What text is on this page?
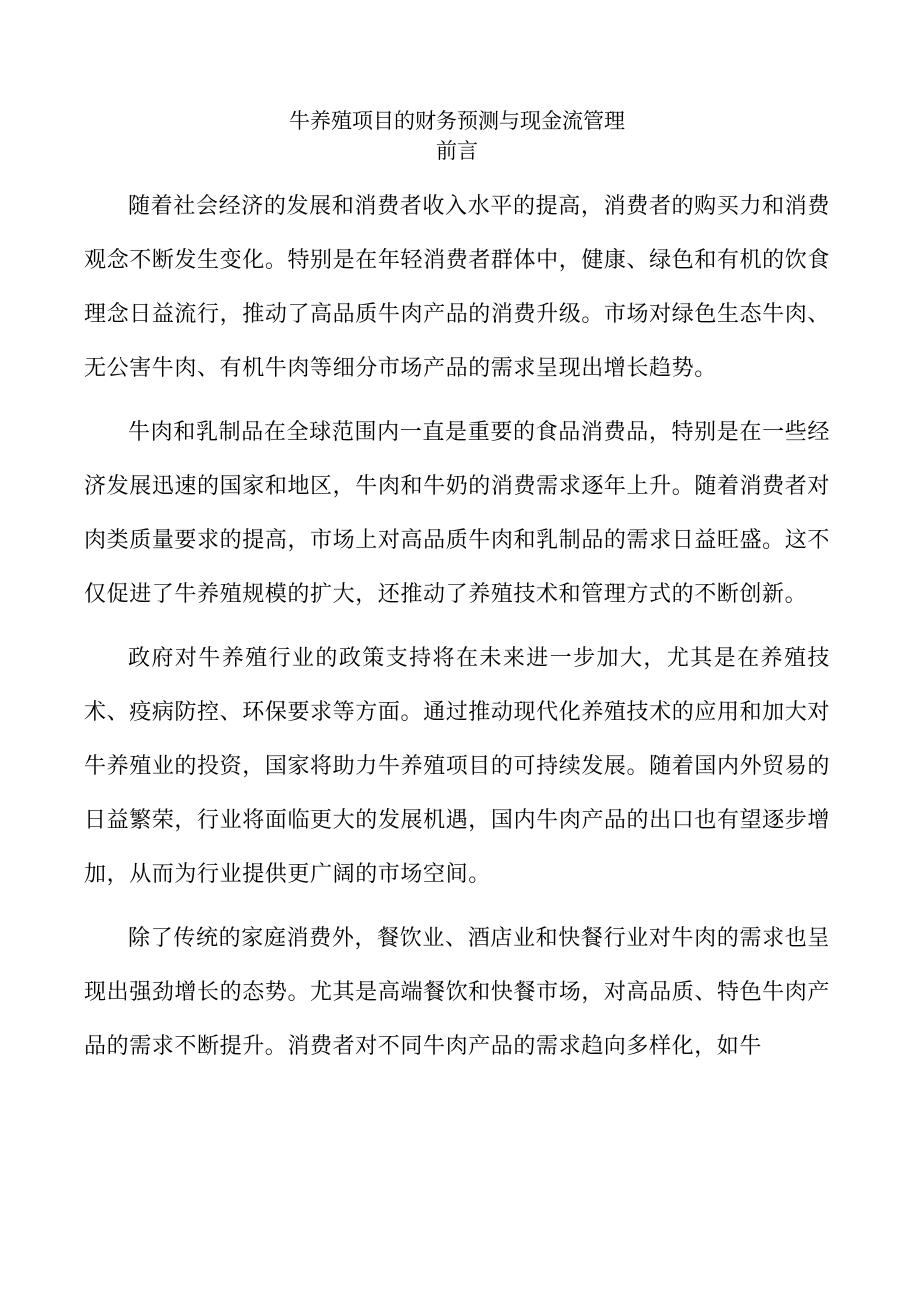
牛养殖项目的财务预测与现金流管理
前言

随着社会经济的发展和消费者收入水平的提高，消费者的购买力和消费观念不断发生变化。特别是在年轻消费者群体中，健康、绿色和有机的饮食理念日益流行，推动了高品质牛肉产品的消费升级。市场对绿色生态牛肉、无公害牛肉、有机牛肉等细分市场产品的需求呈现出增长趋势。

牛肉和乳制品在全球范围内一直是重要的食品消费品，特别是在一些经济发展迅速的国家和地区，牛肉和牛奶的消费需求逐年上升。随着消费者对肉类质量要求的提高，市场上对高品质牛肉和乳制品的需求日益旺盛。这不仅促进了牛养殖规模的扩大，还推动了养殖技术和管理方式的不断创新。

政府对牛养殖行业的政策支持将在未来进一步加大，尤其是在养殖技术、疫病防控、环保要求等方面。通过推动现代化养殖技术的应用和加大对牛养殖业的投资，国家将助力牛养殖项目的可持续发展。随着国内外贸易的日益繁荣，行业将面临更大的发展机遇，国内牛肉产品的出口也有望逐步增加，从而为行业提供更广阔的市场空间。

除了传统的家庭消费外，餐饮业、酒店业和快餐行业对牛肉的需求也呈现出强劲增长的态势。尤其是高端餐饮和快餐市场，对高品质、特色牛肉产品的需求不断提升。消费者对不同牛肉产品的需求趋向多样化，如牛
